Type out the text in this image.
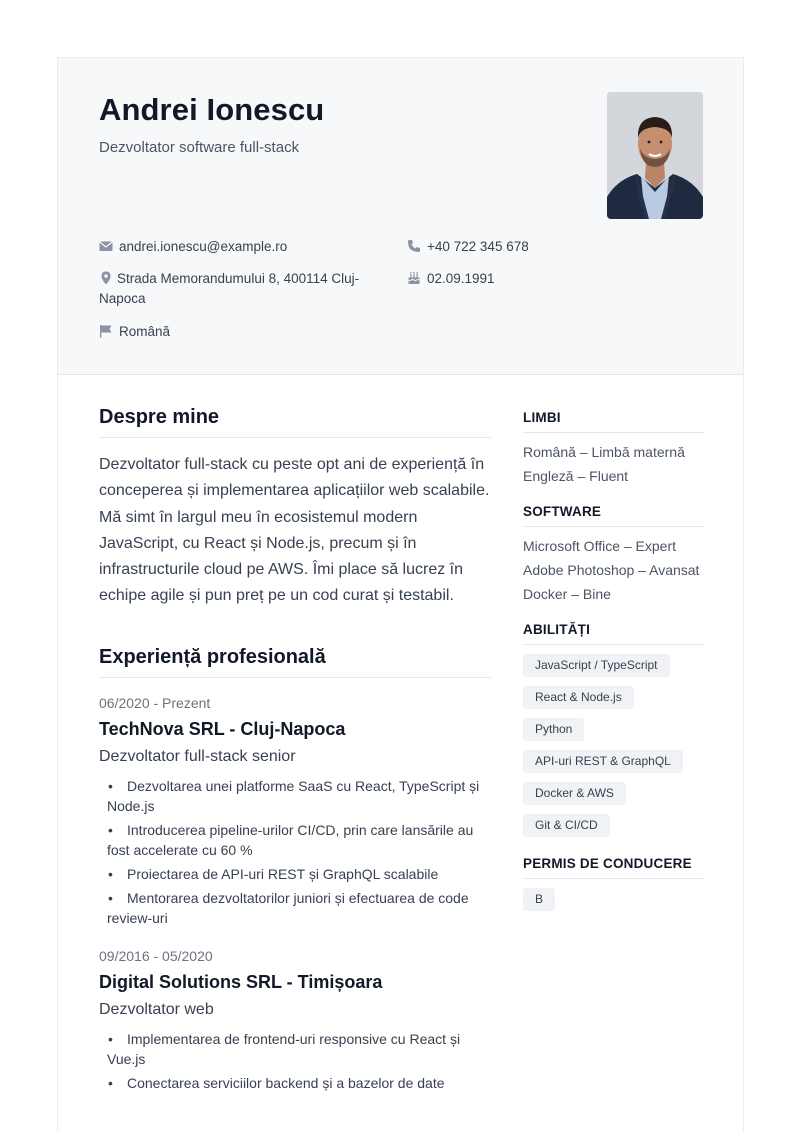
Andrei Ionescu
Dezvoltator software full-stack
andrei.ionescu@example.ro	+40 722 345 678
Strada Memorandumului 8, 400114 Cluj-Napoca
02.09.1991
Română
Despre mine

Dezvoltator full-stack cu peste opt ani de experiență în conceperea și implementarea aplicațiilor web scalabile. Mă simt în largul meu în ecosistemul modern JavaScript, cu React și Node.js, precum și în infrastructurile cloud pe AWS. Îmi place să lucrez în echipe agile și pun preț pe un cod curat și testabil.

Experiență profesională
06/2020 - Prezent
TechNova SRL - Cluj-Napoca
Dezvoltator full-stack senior
• Dezvoltarea unei platforme SaaS cu React, TypeScript și Node.js
• Introducerea pipeline-urilor CI/CD, prin care lansările au fost accelerate cu 60 %
• Proiectarea de API-uri REST și GraphQL scalabile
• Mentorarea dezvoltatorilor juniori și efectuarea de code review-uri
09/2016 - 05/2020
Digital Solutions SRL - Timișoara
Dezvoltator web
• Implementarea de frontend-uri responsive cu React și Vue.js
• Conectarea serviciilor backend și a bazelor de date
LIMBI
Română – Limbă maternă
Engleză – Fluent
SOFTWARE
Microsoft Office – Expert
Adobe Photoshop – Avansat
Docker – Bine
ABILITĂȚI
JavaScript / TypeScript
React & Node.js
Python
API-uri REST & GraphQL
Docker & AWS
Git & CI/CD
PERMIS DE CONDUCERE
B
